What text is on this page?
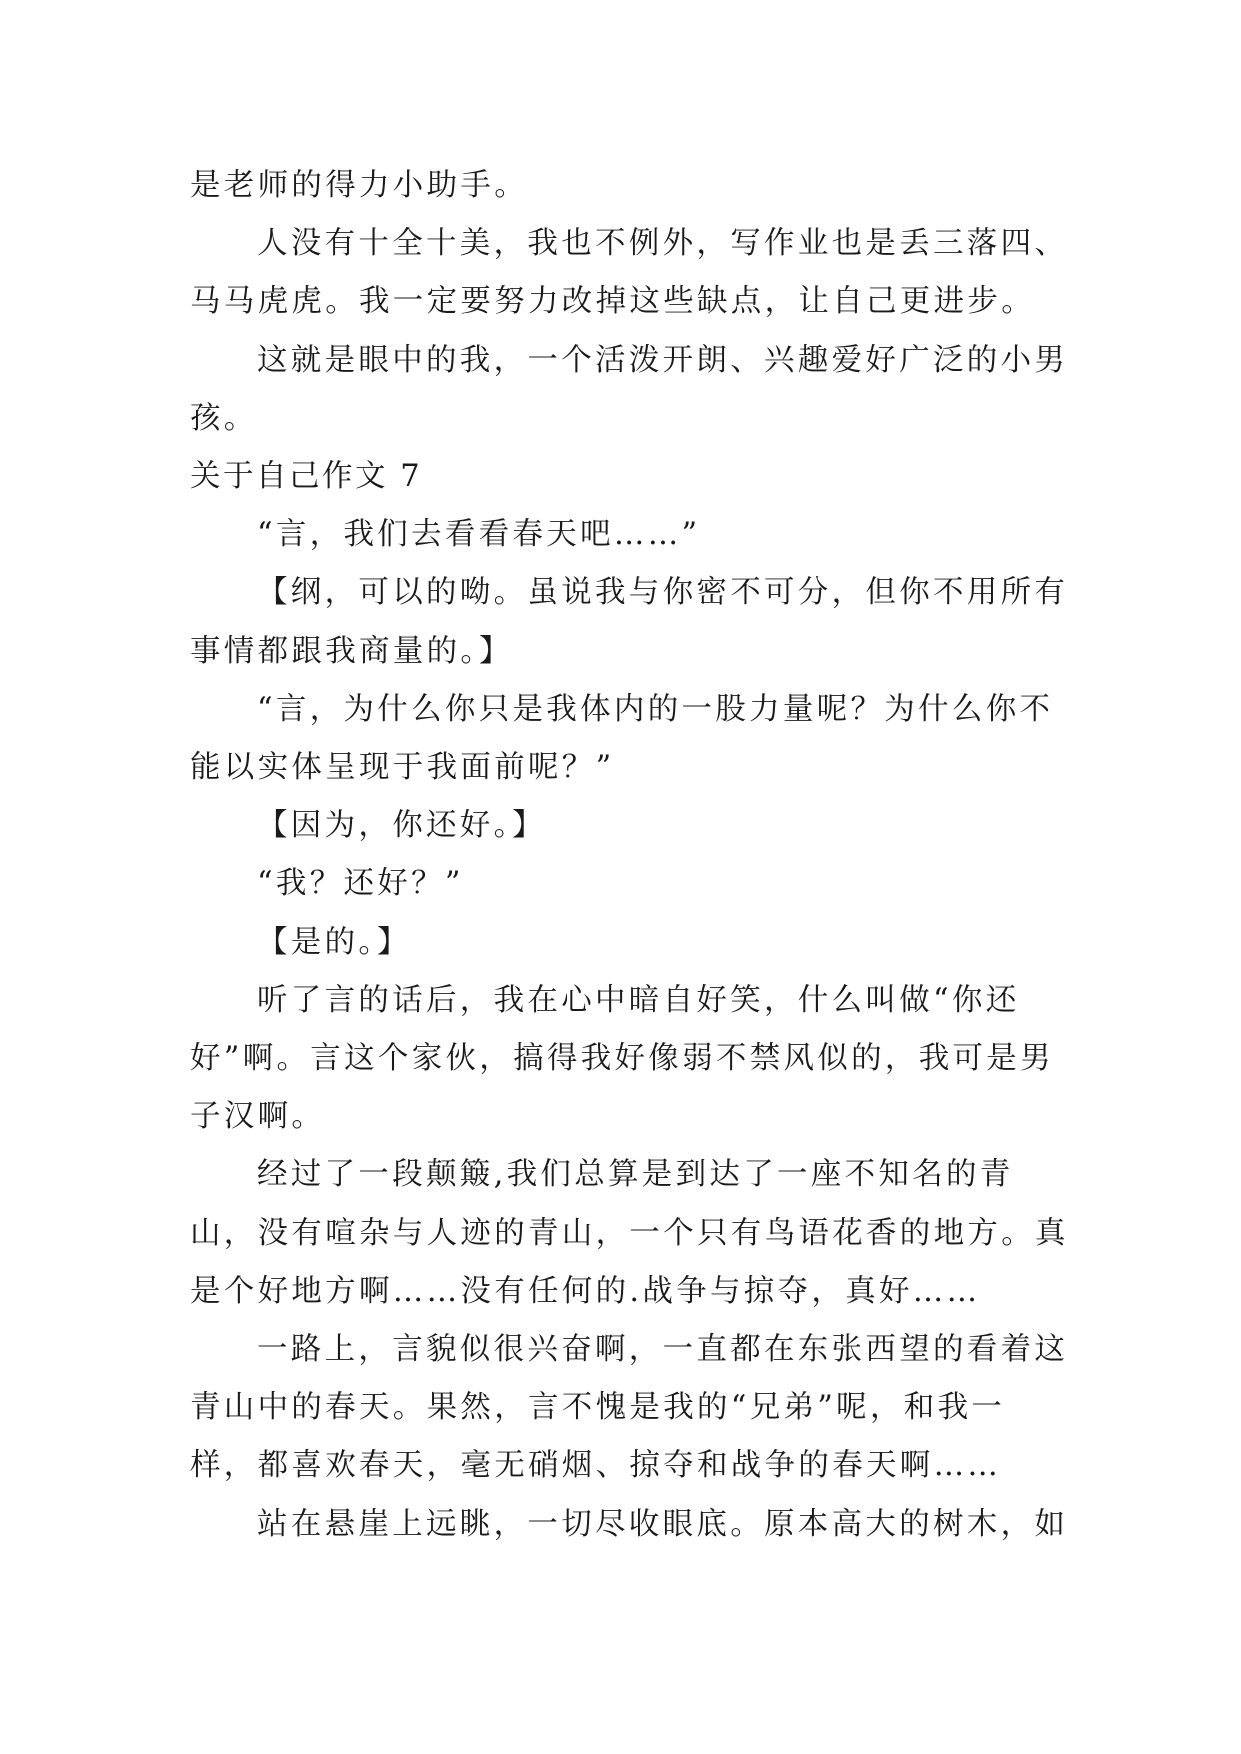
是老师的得力小助手。

人没有十全十美，我也不例外，写作业也是丢三落四、马马虎虎。我一定要努力改掉这些缺点，让自己更进步。

这就是眼中的我，一个活泼开朗、兴趣爱好广泛的小男孩。

关于自己作文 7

“言，我们去看看春天吧……”

【纲，可以的呦。虽说我与你密不可分，但你不用所有事情都跟我商量的。】

“言，为什么你只是我体内的一股力量呢？为什么你不能以实体呈现于我面前呢？”

【因为，你还好。】

“我？还好？”

【是的。】

听了言的话后，我在心中暗自好笑，什么叫做“你还好”啊。言这个家伙，搞得我好像弱不禁风似的，我可是男子汉啊。

经过了一段颠簸,我们总算是到达了一座不知名的青山，没有喧杂与人迹的青山，一个只有鸟语花香的地方。真是个好地方啊……没有任何的.战争与掠夺，真好……

一路上，言貌似很兴奋啊，一直都在东张西望的看着这青山中的春天。果然，言不愧是我的“兄弟”呢，和我一样，都喜欢春天，毫无硝烟、掠夺和战争的春天啊……

站在悬崖上远眺，一切尽收眼底。原本高大的树木，如
